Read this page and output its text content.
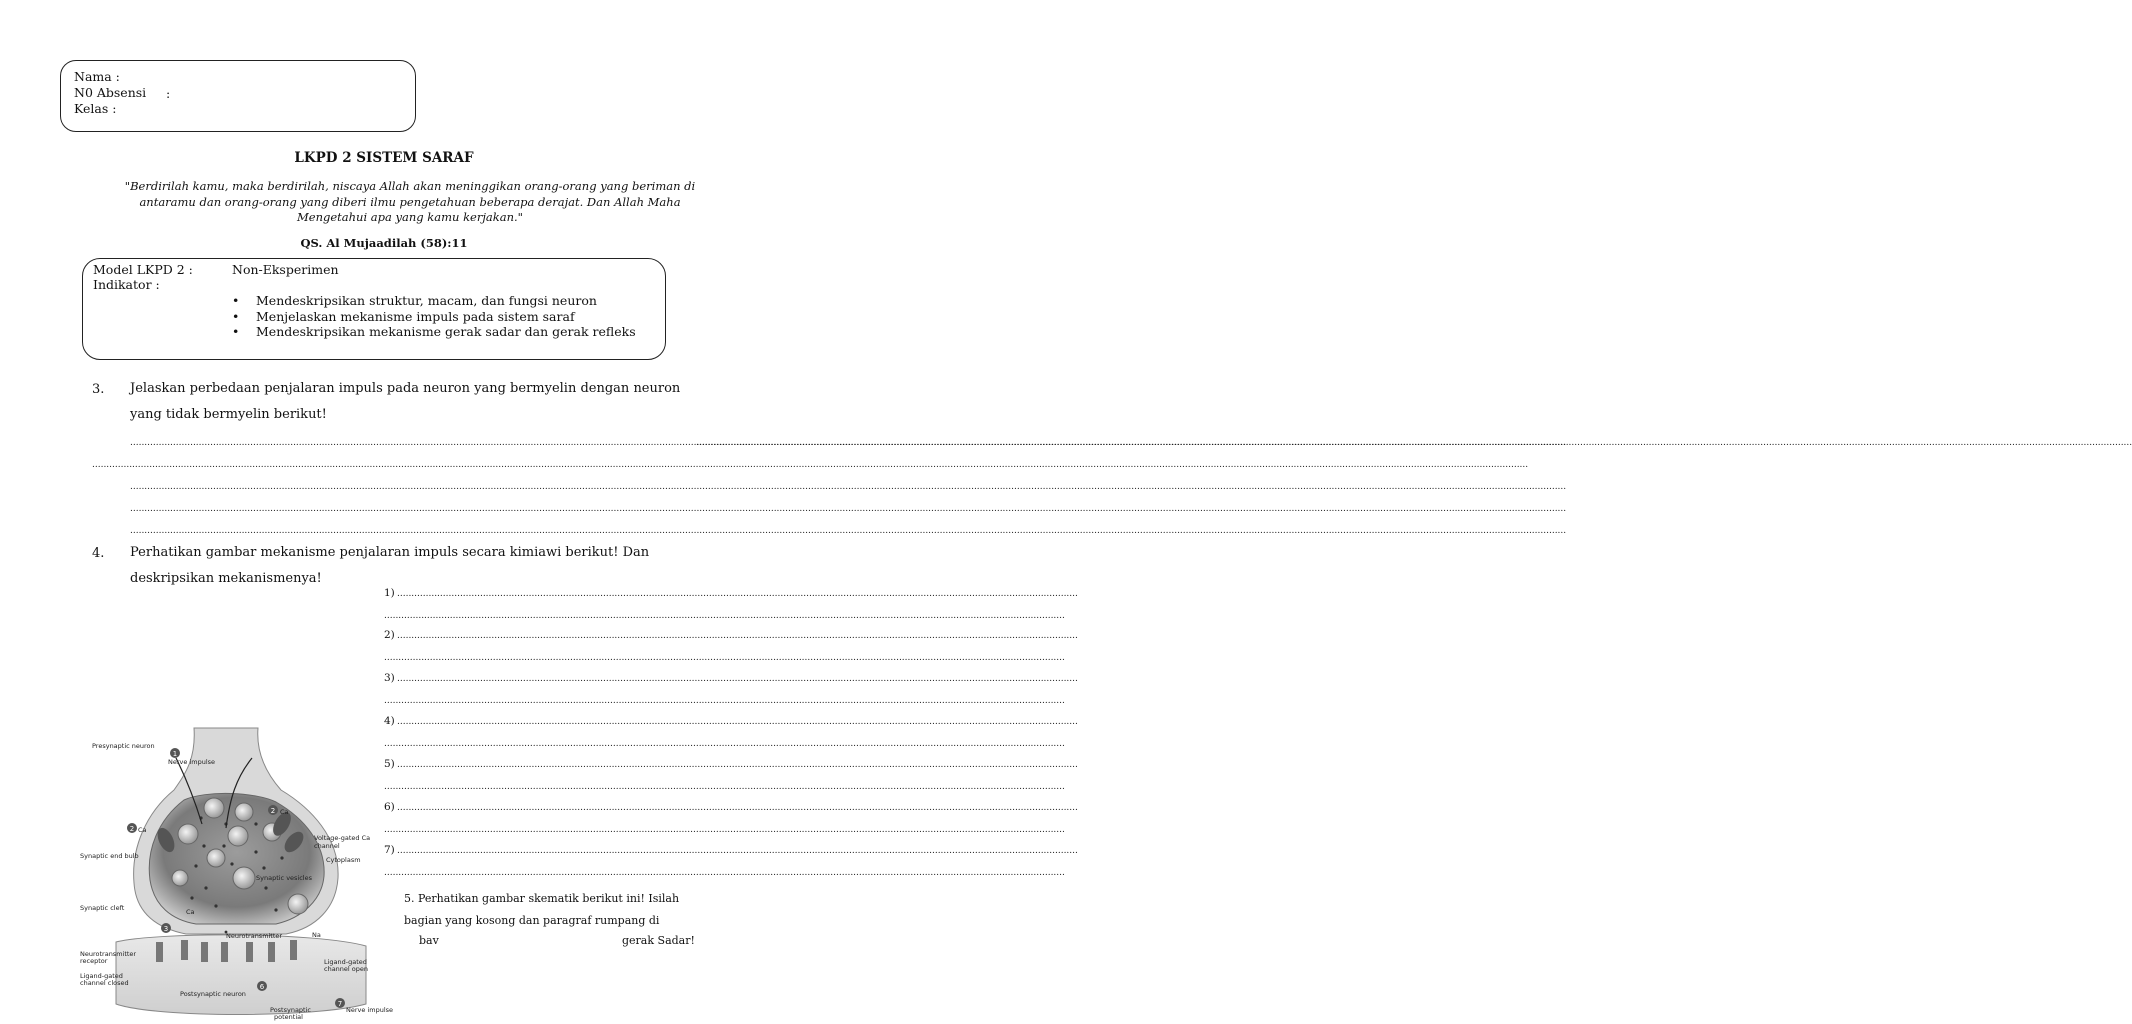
Nama :
N0 Absensi :
Kelas :
LKPD 2 SISTEM SARAF
"Berdirilah kamu, maka berdirilah, niscaya Allah akan meninggikan orang-orang yang beriman di antaramu dan orang-orang yang diberi ilmu pengetahuan beberapa derajat. Dan Allah Maha Mengetahui apa yang kamu kerjakan."
QS. Al Mujaadilah (58):11
Model LKPD 2 :	Non-Eksperimen
Indikator :
• Mendeskripsikan struktur, macam, dan fungsi neuron
• Menjelaskan mekanisme impuls pada sistem saraf
• Mendeskripsikan mekanisme gerak sadar dan gerak refleks
3. Jelaskan perbedaan penjalaran impuls pada neuron yang bermyelin dengan neuron
yang tidak bermyelin berikut!
.....
.....
.....
.....
.....
.....
4. Perhatikan gambar mekanisme penjalaran impuls secara kimiawi berikut! Dan
deskripsikan mekanismenya!
1)
.....
.....
2)
.....
.....
3)
.....
.....
4)
.....
.....
5)
.....
.....
6)
.....
.....
7)
.....
.....
5. Perhatikan gambar skematik berikut ini! Isilah
bagian yang kosong dan paragraf rumpang di
bav	gerak Sadar!
1
2
2
3
6
7
Presynaptic neuron
Nerve impulse
Ca
Ca
Voltage-gated Ca
channel
Cytoplasm
Synaptic end bulb
Synaptic vesicles
Synaptic cleft	Ca
Neurotransmitter	Na
Neurotransmitter
receptor
Ligand-gated
channel closed
Ligand-gated
channel open
Postsynaptic neuron
Postsynaptic
potential
Nerve impulse
